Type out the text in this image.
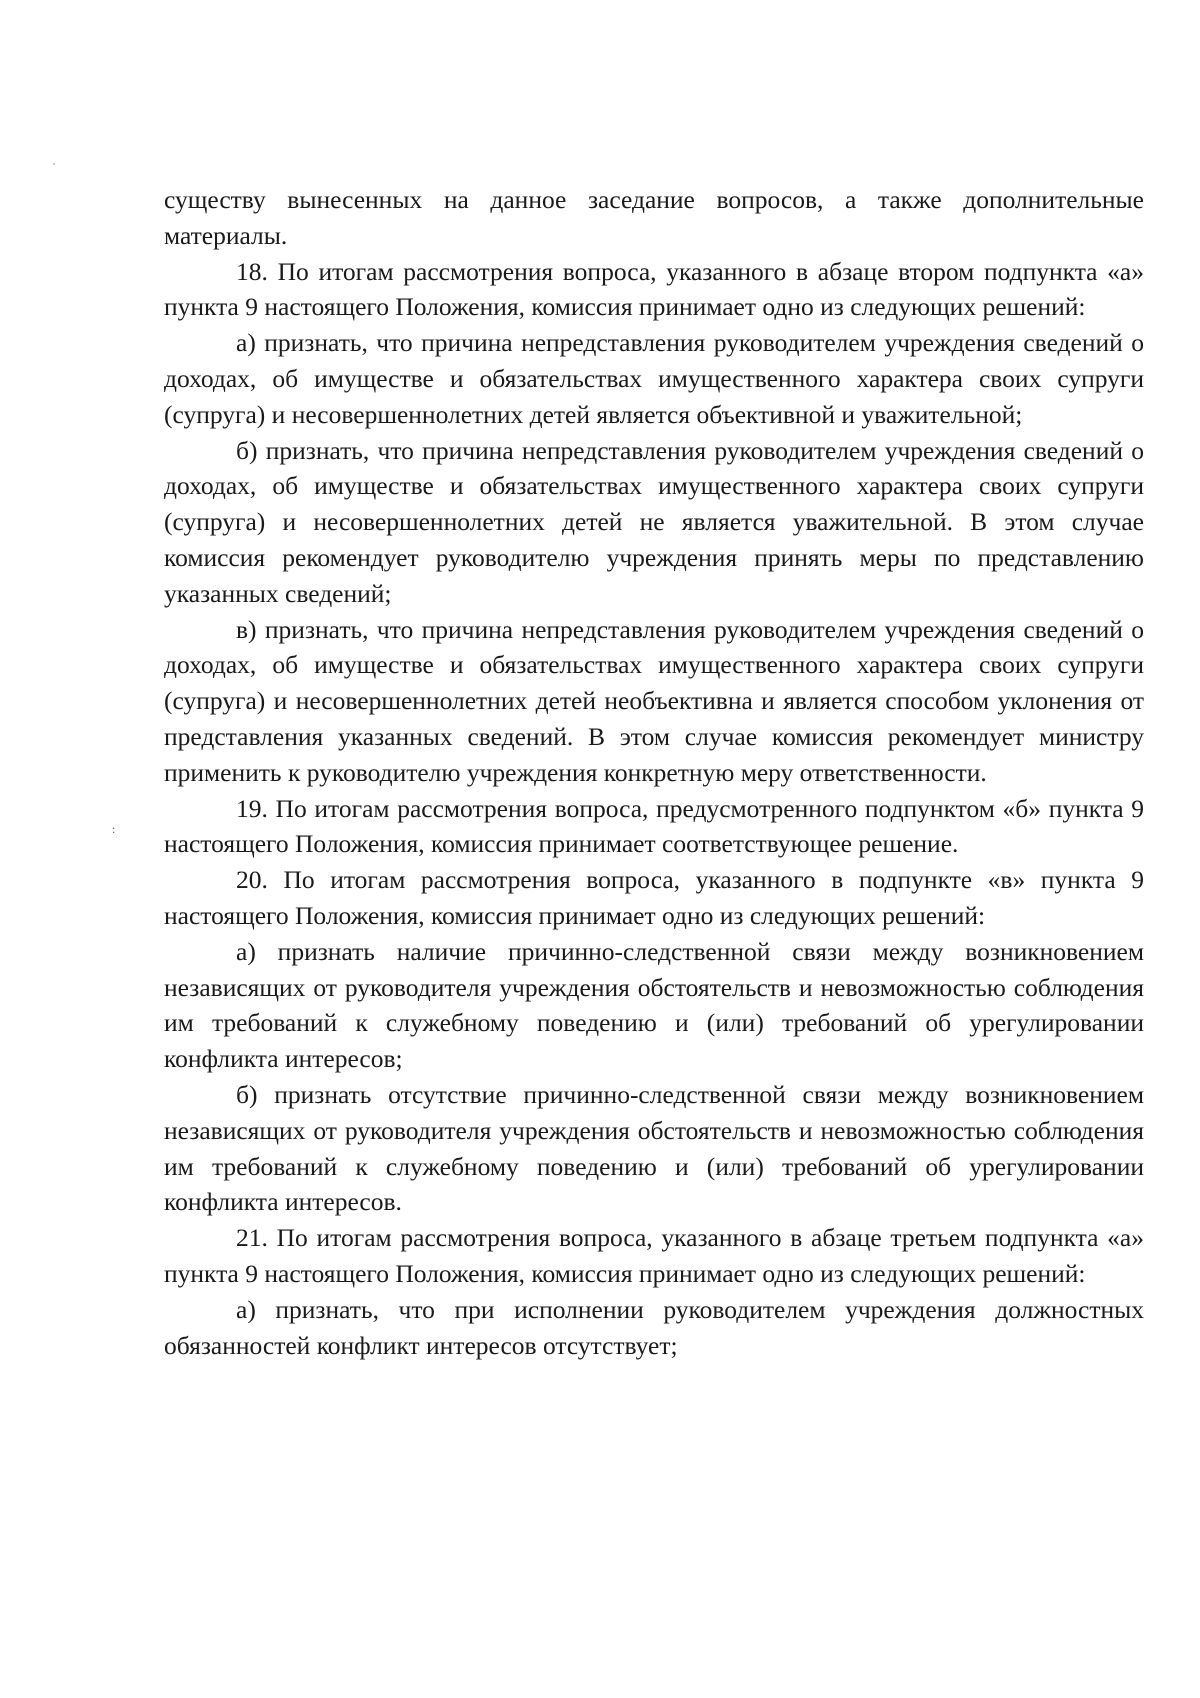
˙
:

существу вынесенных на данное заседание вопросов, а также дополнительные материалы.

18. По итогам рассмотрения вопроса, указанного в абзаце втором подпункта «а» пункта 9 настоящего Положения, комиссия принимает одно из следующих решений:

а) признать, что причина непредставления руководителем учреждения сведений о доходах, об имуществе и обязательствах имущественного характера своих супруги (супруга) и несовершеннолетних детей является объективной и уважительной;

б) признать, что причина непредставления руководителем учреждения сведений о доходах, об имуществе и обязательствах имущественного характера своих супруги (супруга) и несовершеннолетних детей не является уважительной. В этом случае комиссия рекомендует руководителю учреждения принять меры по представлению указанных сведений;

в) признать, что причина непредставления руководителем учреждения сведений о доходах, об имуществе и обязательствах имущественного характера своих супруги (супруга) и несовершеннолетних детей необъективна и является способом уклонения от представления указанных сведений. В этом случае комиссия рекомендует министру применить к руководителю учреждения конкретную меру ответственности.

19. По итогам рассмотрения вопроса, предусмотренного подпунктом «б» пункта 9 настоящего Положения, комиссия принимает соответствующее решение.

20. По итогам рассмотрения вопроса, указанного в подпункте «в» пункта 9 настоящего Положения, комиссия принимает одно из следующих решений:

а) признать наличие причинно-следственной связи между возникновением независящих от руководителя учреждения обстоятельств и невозможностью соблюдения им требований к служебному поведению и (или) требований об урегулировании конфликта интересов;

б) признать отсутствие причинно-следственной связи между возникновением независящих от руководителя учреждения обстоятельств и невозможностью соблюдения им требований к служебному поведению и (или) требований об урегулировании конфликта интересов.

21. По итогам рассмотрения вопроса, указанного в абзаце третьем подпункта «а» пункта 9 настоящего Положения, комиссия принимает одно из следующих решений:

а) признать, что при исполнении руководителем учреждения должностных обязанностей конфликт интересов отсутствует;
